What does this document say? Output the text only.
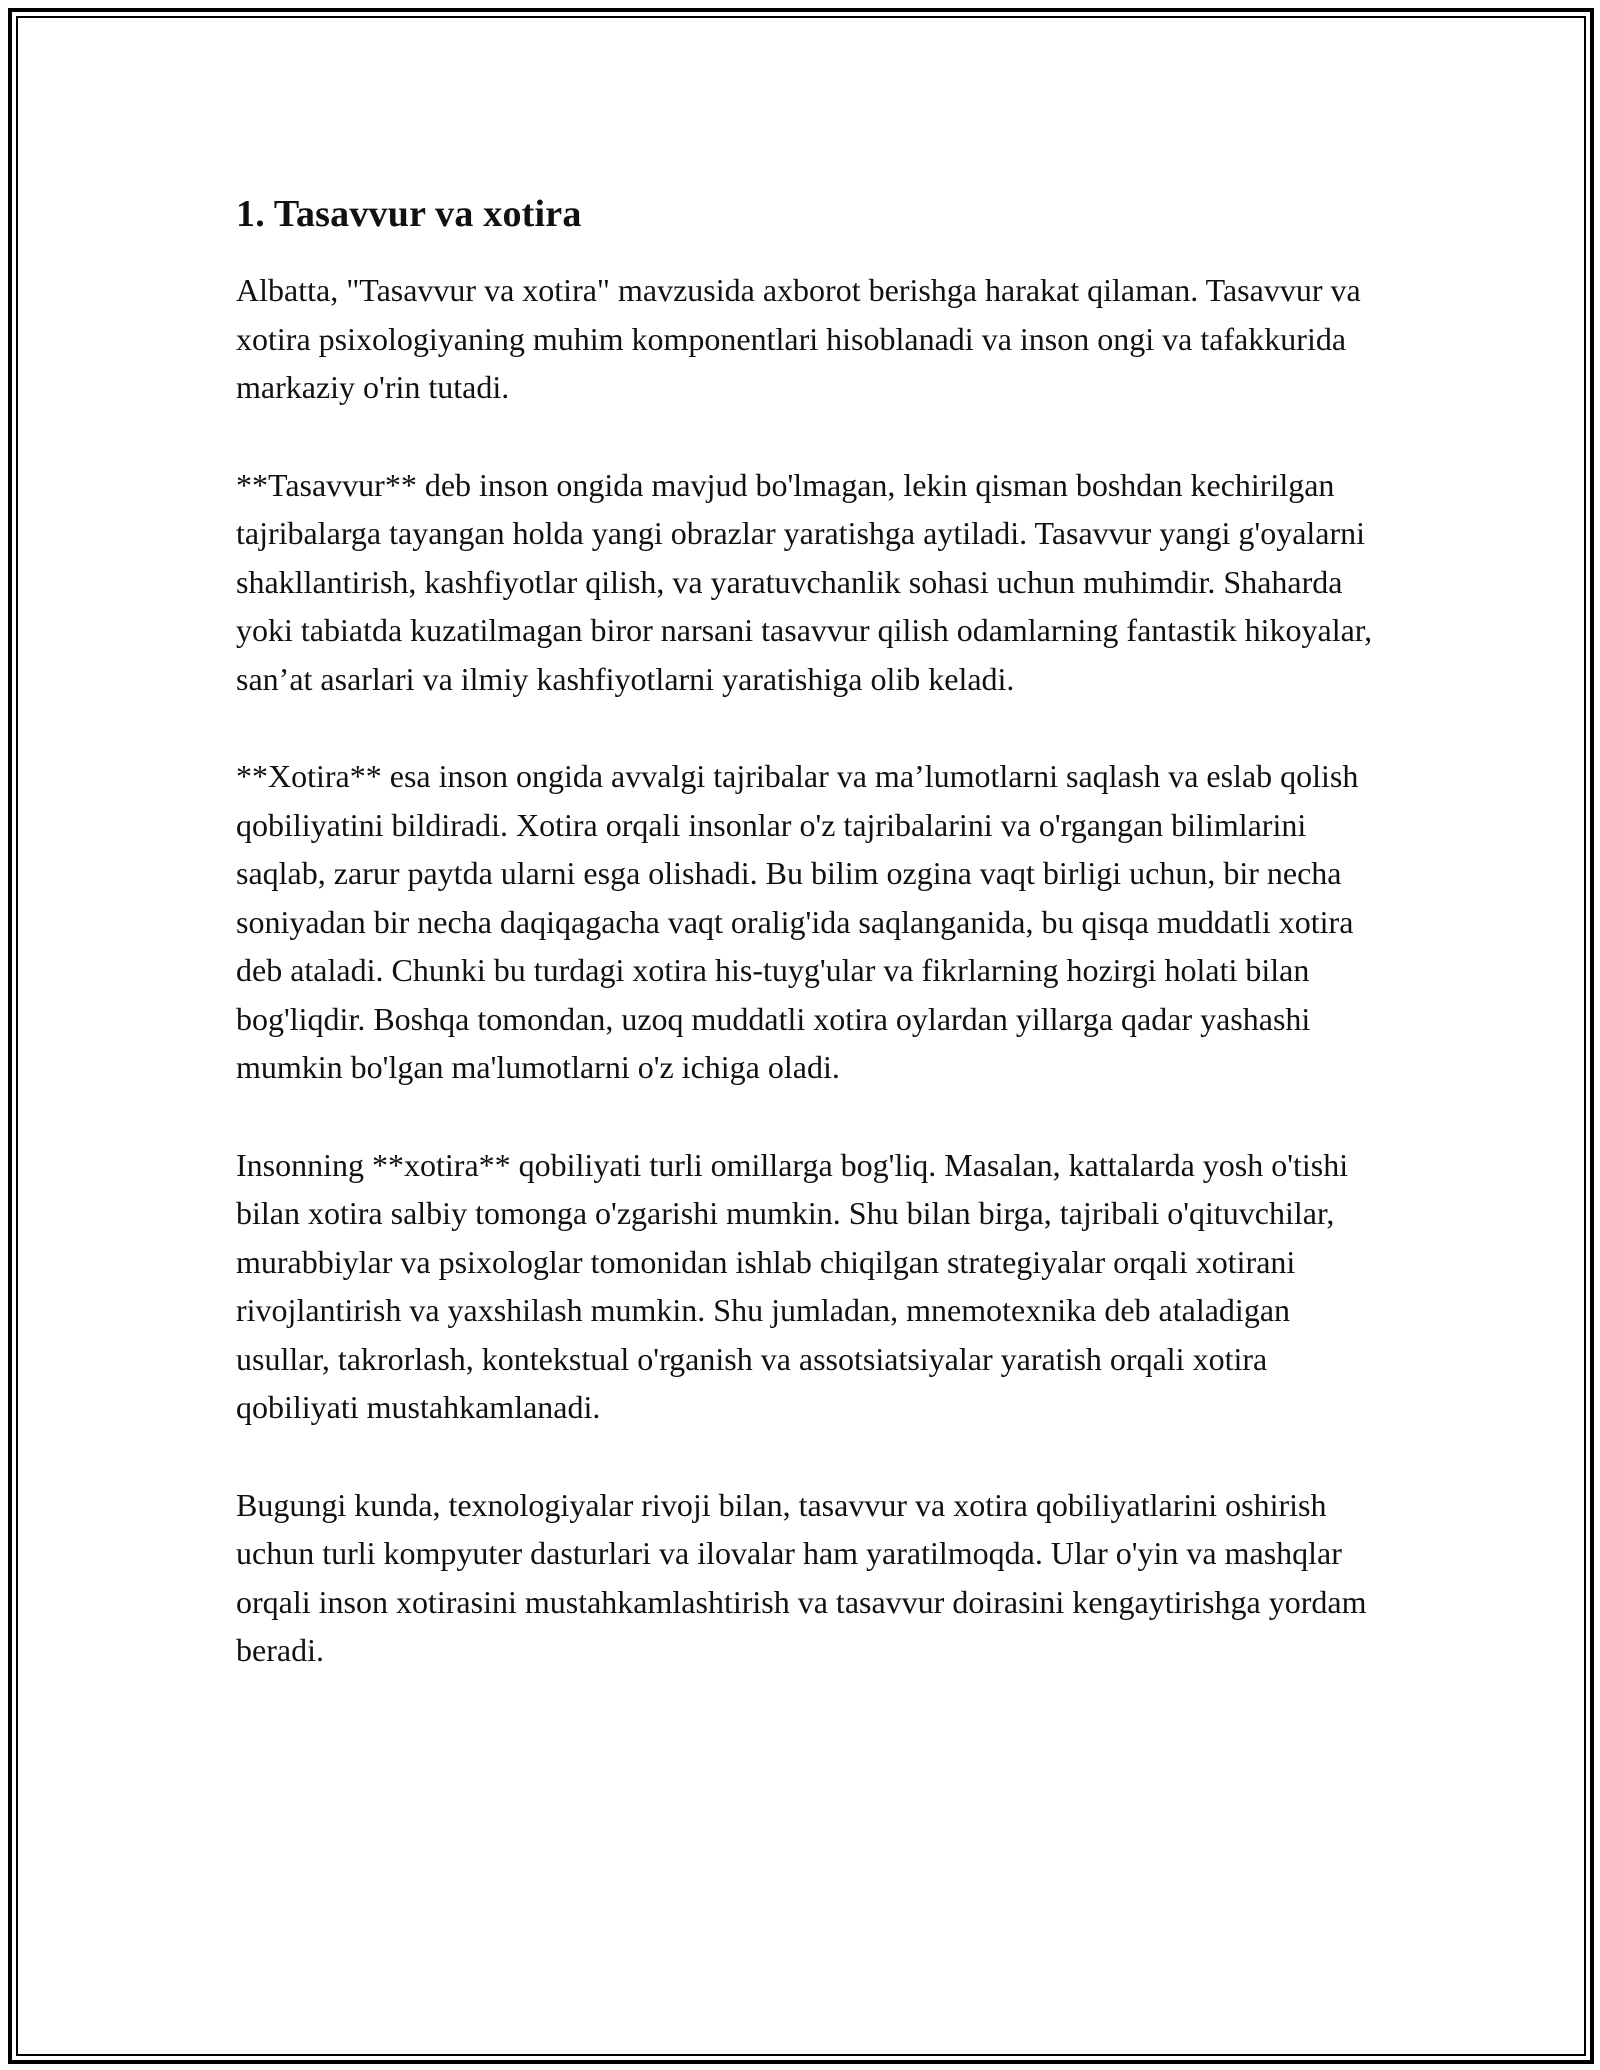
1. Tasavvur va xotira

Albatta, "Tasavvur va xotira" mavzusida axborot berishga harakat qilaman. Tasavvur va xotira psixologiyaning muhim komponentlari hisoblanadi va inson ongi va tafakkurida markaziy o'rin tutadi.

**Tasavvur** deb inson ongida mavjud bo'lmagan, lekin qisman boshdan kechirilgan tajribalarga tayangan holda yangi obrazlar yaratishga aytiladi. Tasavvur yangi g'oyalarni shakllantirish, kashfiyotlar qilish, va yaratuvchanlik sohasi uchun muhimdir. Shaharda yoki tabiatda kuzatilmagan biror narsani tasavvur qilish odamlarning fantastik hikoyalar, san’at asarlari va ilmiy kashfiyotlarni yaratishiga olib keladi.

**Xotira** esa inson ongida avvalgi tajribalar va ma’lumotlarni saqlash va eslab qolish qobiliyatini bildiradi. Xotira orqali insonlar o'z tajribalarini va o'rgangan bilimlarini saqlab, zarur paytda ularni esga olishadi. Bu bilim ozgina vaqt birligi uchun, bir necha soniyadan bir necha daqiqagacha vaqt oralig'ida saqlanganida, bu qisqa muddatli xotira deb ataladi. Chunki bu turdagi xotira his-tuyg'ular va fikrlarning hozirgi holati bilan bog'liqdir. Boshqa tomondan, uzoq muddatli xotira oylardan yillarga qadar yashashi mumkin bo'lgan ma'lumotlarni o'z ichiga oladi.

Insonning **xotira** qobiliyati turli omillarga bog'liq. Masalan, kattalarda yosh o'tishi bilan xotira salbiy tomonga o'zgarishi mumkin. Shu bilan birga, tajribali o'qituvchilar, murabbiylar va psixologlar tomonidan ishlab chiqilgan strategiyalar orqali xotirani rivojlantirish va yaxshilash mumkin. Shu jumladan, mnemotexnika deb ataladigan usullar, takrorlash, kontekstual o'rganish va assotsiatsiyalar yaratish orqali xotira qobiliyati mustahkamlanadi.

Bugungi kunda, texnologiyalar rivoji bilan, tasavvur va xotira qobiliyatlarini oshirish uchun turli kompyuter dasturlari va ilovalar ham yaratilmoqda. Ular o'yin va mashqlar orqali inson xotirasini mustahkamlashtirish va tasavvur doirasini kengaytirishga yordam beradi.
